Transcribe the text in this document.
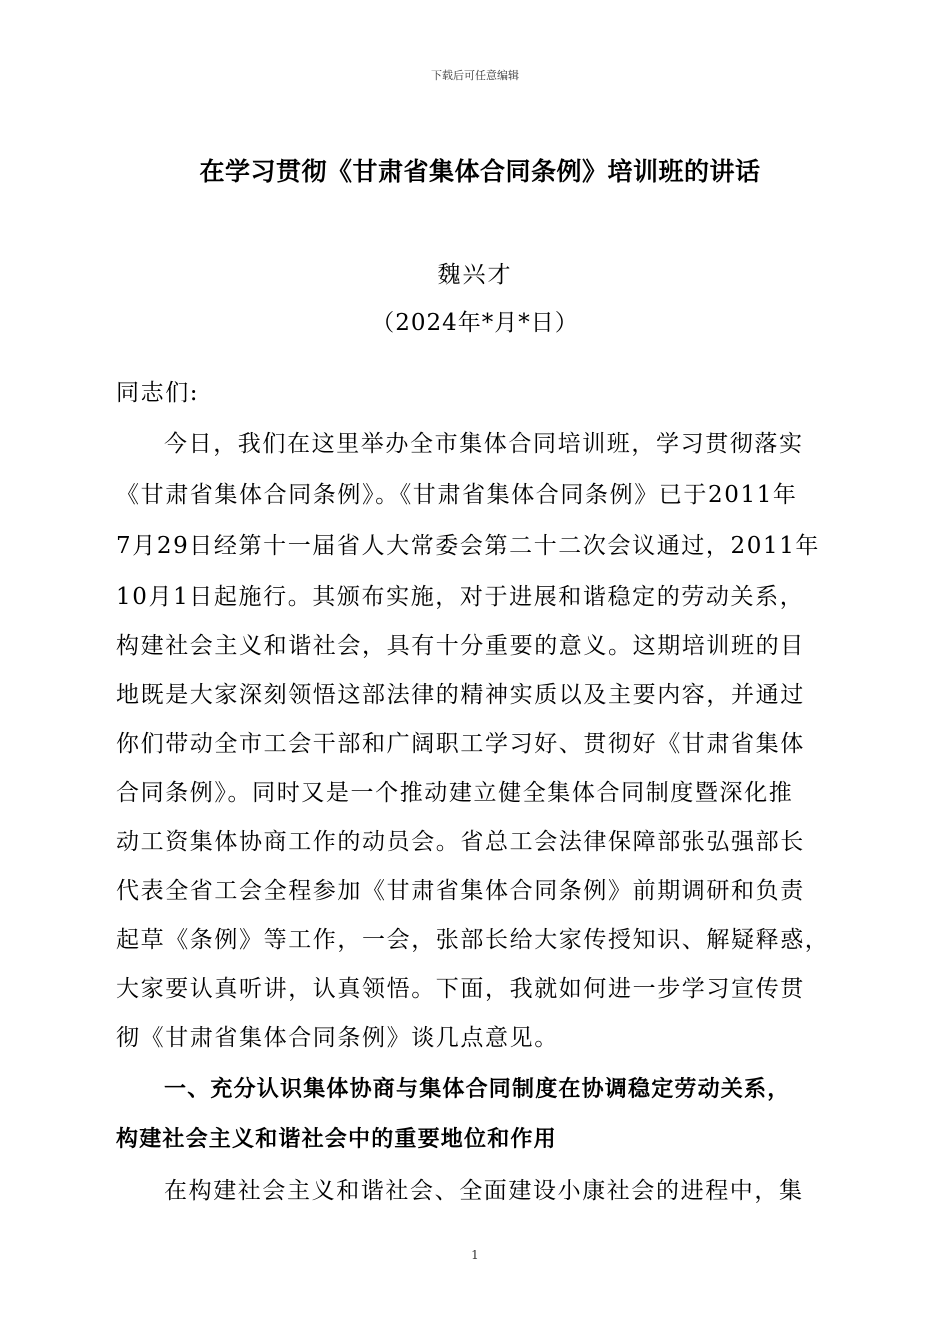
下载后可任意编辑
在学习贯彻《甘肃省集体合同条例》培训班的讲话
魏兴才
（2024年*月*日）
同志们:
今日，我们在这里举办全市集体合同培训班，学习贯彻落实
《甘肃省集体合同条例》。《甘肃省集体合同条例》已于2011年
7月29日经第十一届省人大常委会第二十二次会议通过，2011年
10月1日起施行。其颁布实施，对于进展和谐稳定的劳动关系，
构建社会主义和谐社会，具有十分重要的意义。这期培训班的目
地既是大家深刻领悟这部法律的精神实质以及主要内容，并通过
你们带动全市工会干部和广阔职工学习好、贯彻好《甘肃省集体
合同条例》。同时又是一个推动建立健全集体合同制度暨深化推
动工资集体协商工作的动员会。省总工会法律保障部张弘强部长
代表全省工会全程参加《甘肃省集体合同条例》前期调研和负责
起草《条例》等工作，一会，张部长给大家传授知识、解疑释惑，
大家要认真听讲，认真领悟。下面，我就如何进一步学习宣传贯
彻《甘肃省集体合同条例》谈几点意见。
一、充分认识集体协商与集体合同制度在协调稳定劳动关系，
构建社会主义和谐社会中的重要地位和作用
在构建社会主义和谐社会、全面建设小康社会的进程中，集
1
